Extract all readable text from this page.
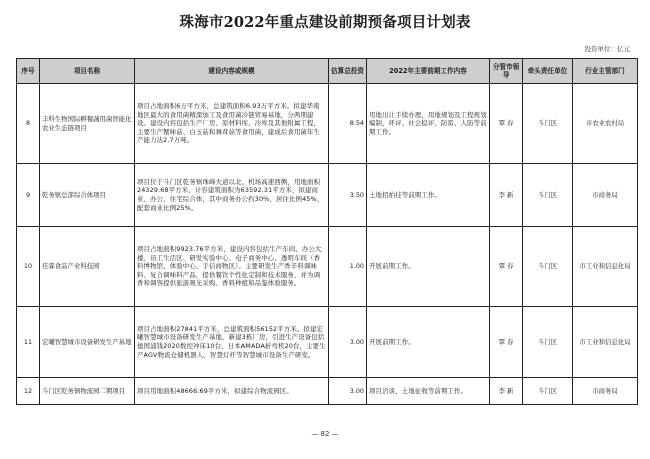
珠海市2022年重点建设前期预备项目计划表
投资单位：亿元
序号	项目名称	建设内容或规模	估算总投资	2022年主要前期工作内容	分管市领导	牵头责任单位	行业主管部门
8	丰科生物国际孵餐蔬用菌智能化农业生态链项目	项目占地面积6万平方米，总建筑面积6.93万平方米。拟建华南地区最大的食用菌精深加工及食用菌冷链贸易基地，分两期建设。建设内容包括生产厂房、原材料库、冷库及其他附属工程，主要生产蟹味菇、白玉菇和舞茸菇等食用菌，建成后食用菌年生产能力达2.7万吨。	8.54	用地出让手续办理，用地规划及工程规划编制，环评、社会稳评、防雷、人防等前期工作。	覃 春	斗门区	市农业农村局
9	乾务镇总部综合体项目	项目位于斗门区乾务镇珠峰大道以北、机场高速西侧，用地面积24329.68平方米，计容建筑面积为63592.31平方米，拟建商业、办公、住宅综合体，其中商务办公约30%、居住比例45%、配套商业比例25%。	3.50	土地招拍挂等前期工作。	李 新	斗门区	市商务局
10	佳霖食品产业科技园	项目占地面积9923.76平方米，建设内容包括生产车间、办公大楼、员工生活区、研发实验中心、电子商务中心、透明车间（香料博物馆、体验中心、手信商物区）。主要研发生产香辛料调味料、复合调味料产品，提供餐饮个性化定制和技术服务，并为调香和调客提供旅游观光采购、香料种植和品鉴体验服务。	1.00	开展前期工作。	覃 春	斗门区	市工业和信息化局
11	宏曦智慧城市设备研发生产基地	项目占地面积27841平方米，总建筑面积56152平方米。拟建宏曦智慧城市设备研发生产基地，新建3栋厂房，引进生产设备包括德国浦钱2020数控冲床10台、日本AMADA折弯机20台，主要生产AGV物流仓储机器人、智慧灯杆等智慧城市设备生产研发。	3.00	开展前期工作。	覃 春	斗门区	市工业和信息化局
12	斗门区乾务镇物流园二期项目	项目用地面积48666.69平方米，拟建综合物流园区。	3.00	项目洽谈、土地征收等前期工作。	李 新	斗门区	市商务局
— 82 —
